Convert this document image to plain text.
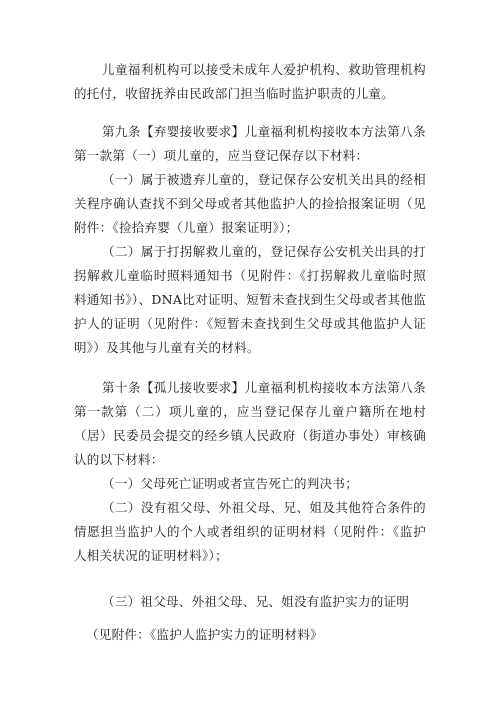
儿童福利机构可以接受未成年人爱护机构、救助管理机构的托付，收留抚养由民政部门担当临时监护职责的儿童。

第九条【弃婴接收要求】儿童福利机构接收本方法第八条第一款第（一）项儿童的，应当登记保存以下材料：

（一）属于被遗弃儿童的，登记保存公安机关出具的经相关程序确认查找不到父母或者其他监护人的捡拾报案证明（见附件：《捡拾弃婴（儿童）报案证明》）；

（二）属于打拐解救儿童的，登记保存公安机关出具的打拐解救儿童临时照料通知书（见附件：《打拐解救儿童临时照料通知书》）、DNA比对证明、短暂未查找到生父母或者其他监护人的证明（见附件：《短暂未查找到生父母或其他监护人证明》）及其他与儿童有关的材料。

第十条【孤儿接收要求】儿童福利机构接收本方法第八条第一款第（二）项儿童的，应当登记保存儿童户籍所在地村（居）民委员会提交的经乡镇人民政府（街道办事处）审核确认的以下材料：

（一）父母死亡证明或者宣告死亡的判决书；

（二）没有祖父母、外祖父母、兄、姐及其他符合条件的情愿担当监护人的个人或者组织的证明材料（见附件：《监护人相关状况的证明材料》）；

（三）祖父母、外祖父母、兄、姐没有监护实力的证明

（见附件：《监护人监护实力的证明材料》
